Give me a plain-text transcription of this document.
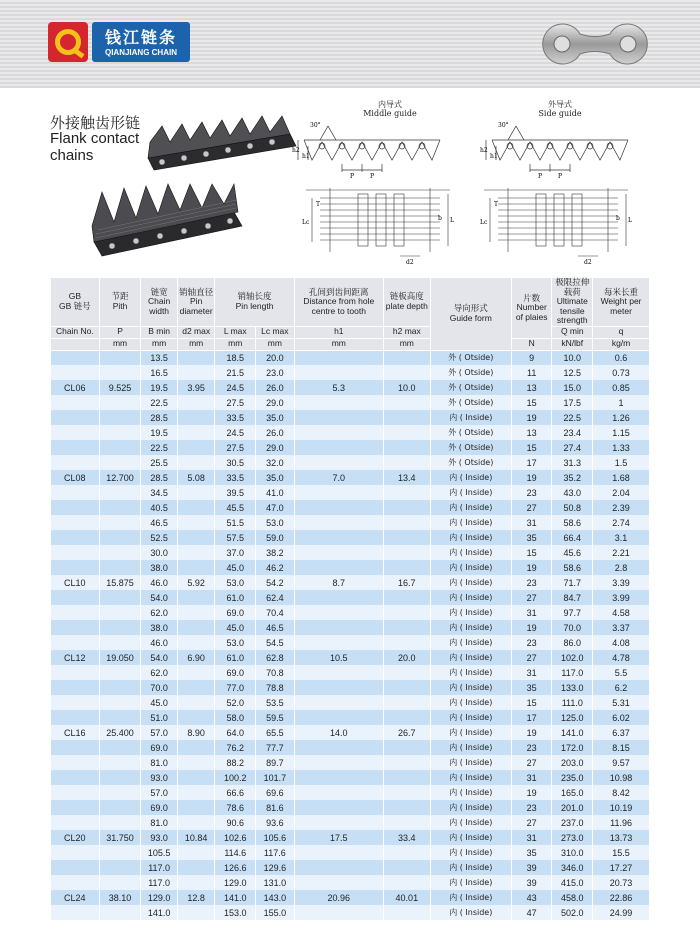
钱江链条
QIANJIANG CHAIN
外接触齿形链
Flank contact chains
内导式
Middle guide
外导式
Side guide
30°
h2
h1
P	P
30°
h2
h1
P	P
Lc	L
b
T
d2
Lc	L
b
T
d2
GB
GB 链号	节距
Pith	链宽
Chain width	销轴直径
Pin diameter	销轴长度
Pin length		孔间到齿间距离
Distance from hole centre to tooth	链板高度
plate depth	导向形式
Guide form	片数
Number of plaies	极限拉伸载荷
Ultimate tensile strength	每米长重
Weight per meter
Chain No.	P	B min	d2 max	L max	Lc max	h1	h2 max			Q min	q
	mm	mm	mm	mm	mm	mm	mm		N	kN/lbf	kg/m
		13.5		18.5	20.0			外 ( Otside)	9	10.0	0.6
		16.5		21.5	23.0			外 ( Otside)	11	12.5	0.73
CL06	9.525	19.5	3.95	24.5	26.0	5.3	10.0	外 ( Otside)	13	15.0	0.85
		22.5		27.5	29.0			外 ( Otside)	15	17.5	1
		28.5		33.5	35.0			内 ( Inside)	19	22.5	1.26
		19.5		24.5	26.0			外 ( Otside)	13	23.4	1.15
		22.5		27.5	29.0			外 ( Otside)	15	27.4	1.33
		25.5		30.5	32.0			外 ( Otside)	17	31.3	1.5
CL08	12.700	28.5	5.08	33.5	35.0	7.0	13.4	内 ( Inside)	19	35.2	1.68
		34.5		39.5	41.0			内 ( Inside)	23	43.0	2.04
		40.5		45.5	47.0			内 ( Inside)	27	50.8	2.39
		46.5		51.5	53.0			内 ( Inside)	31	58.6	2.74
		52.5		57.5	59.0			内 ( Inside)	35	66.4	3.1
		30.0		37.0	38.2			内 ( Inside)	15	45.6	2.21
		38.0		45.0	46.2			内 ( Inside)	19	58.6	2.8
CL10	15.875	46.0	5.92	53.0	54.2	8.7	16.7	内 ( Inside)	23	71.7	3.39
		54.0		61.0	62.4			内 ( Inside)	27	84.7	3.99
		62.0		69.0	70.4			内 ( Inside)	31	97.7	4.58
		38.0		45.0	46.5			内 ( Inside)	19	70.0	3.37
		46.0		53.0	54.5			内 ( Inside)	23	86.0	4.08
CL12	19.050	54.0	6.90	61.0	62.8	10.5	20.0	内 ( Inside)	27	102.0	4.78
		62.0		69.0	70.8			内 ( Inside)	31	117.0	5.5
		70.0		77.0	78.8			内 ( Inside)	35	133.0	6.2
		45.0		52.0	53.5			内 ( Inside)	15	111.0	5.31
		51.0		58.0	59.5			内 ( Inside)	17	125.0	6.02
CL16	25.400	57.0	8.90	64.0	65.5	14.0	26.7	内 ( Inside)	19	141.0	6.37
		69.0		76.2	77.7			内 ( Inside)	23	172.0	8.15
		81.0		88.2	89.7			内 ( Inside)	27	203.0	9.57
		93.0		100.2	101.7			内 ( Inside)	31	235.0	10.98
		57.0		66.6	69.6			内 ( Inside)	19	165.0	8.42
		69.0		78.6	81.6			内 ( Inside)	23	201.0	10.19
		81.0		90.6	93.6			内 ( Inside)	27	237.0	11.96
CL20	31.750	93.0	10.84	102.6	105.6	17.5	33.4	内 ( Inside)	31	273.0	13.73
		105.5		114.6	117.6			内 ( Inside)	35	310.0	15.5
		117.0		126.6	129.6			内 ( Inside)	39	346.0	17.27
		117.0		129.0	131.0			内 ( Inside)	39	415.0	20.73
CL24	38.10	129.0	12.8	141.0	143.0	20.96	40.01	内 ( Inside)	43	458.0	22.86
		141.0		153.0	155.0			内 ( Inside)	47	502.0	24.99
